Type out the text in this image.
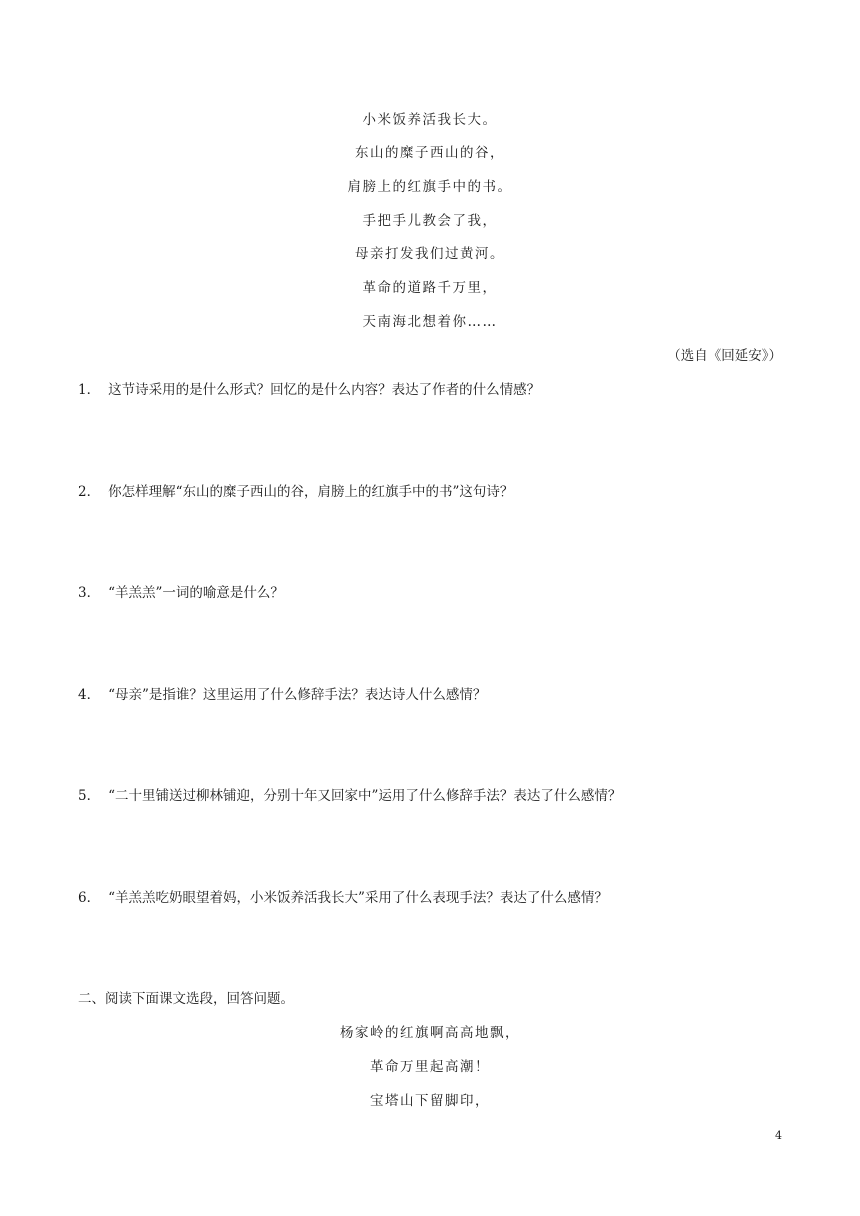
小米饭养活我长大。
东山的糜子西山的谷，
肩膀上的红旗手中的书。
手把手儿教会了我，
母亲打发我们过黄河。
革命的道路千万里，
天南海北想着你……
（选自《回延安》）
1． 这节诗采用的是什么形式？回忆的是什么内容？表达了作者的什么情感？
2． 你怎样理解“东山的糜子西山的谷，肩膀上的红旗手中的书”这句诗？
3． “羊羔羔”一词的喻意是什么？
4． “母亲”是指谁？这里运用了什么修辞手法？表达诗人什么感情？
5． “二十里铺送过柳林铺迎，分别十年又回家中”运用了什么修辞手法？表达了什么感情？
6． “羊羔羔吃奶眼望着妈，小米饭养活我长大”采用了什么表现手法？表达了什么感情？
二、阅读下面课文选段，回答问题。
杨家岭的红旗啊高高地飘，
革命万里起高潮！
宝塔山下留脚印，
4
